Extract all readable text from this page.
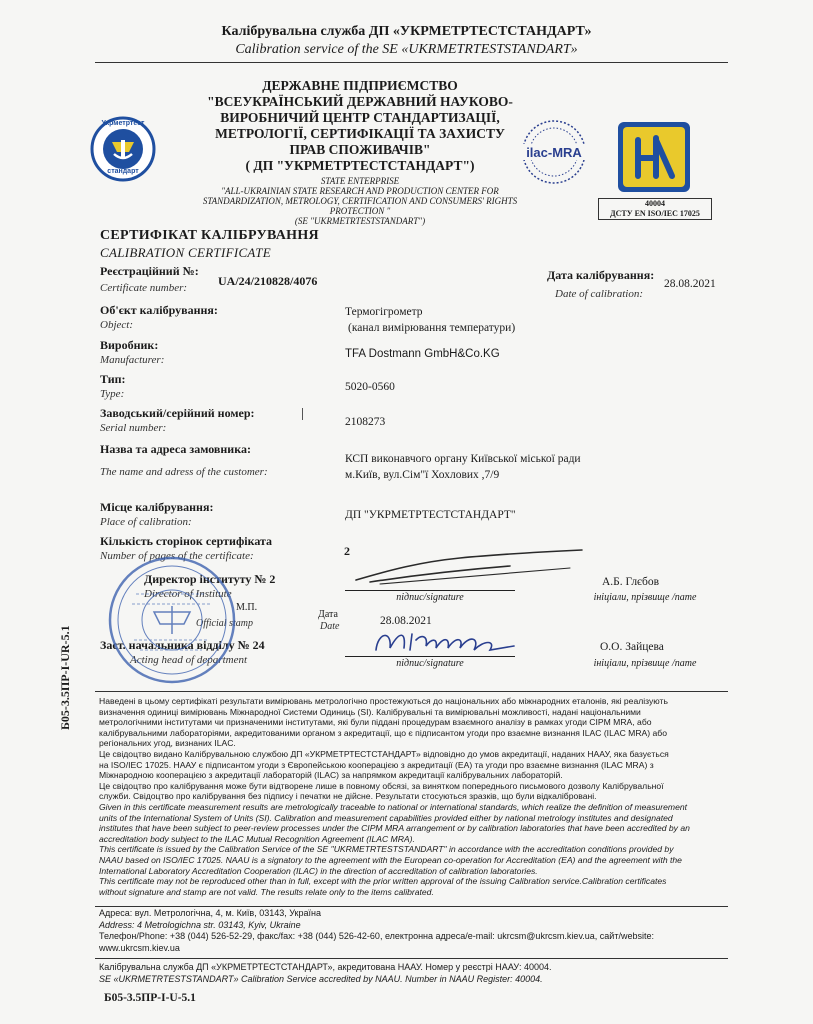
Калібрувальна служба ДП «УКРМЕТРТЕСТСТАНДАРТ»
Calibration service of the SE «UKRMETRTESTSTANDART»
Укрметртест
стандарт
ДЕРЖАВНЕ ПІДПРИЄМСТВО
"ВСЕУКРАЇНСЬКИЙ ДЕРЖАВНИЙ НАУКОВО-
ВИРОБНИЧИЙ ЦЕНТР СТАНДАРТИЗАЦІЇ,
МЕТРОЛОГІЇ, СЕРТИФІКАЦІЇ ТА ЗАХИСТУ
ПРАВ СПОЖИВАЧІВ"
( ДП "УКРМЕТРТЕСТСТАНДАРТ")
STATE ENTERPRISE
"ALL-UKRAINIAN STATE RESEARCH AND PRODUCTION CENTER FOR
STANDARDIZATION, METROLOGY, CERTIFICATION AND CONSUMERS' RIGHTS
PROTECTION "
(SE "UKRMETRTESTSTANDART")
ilac-MRA
40004
ДСТУ EN ISO/IEC 17025
СЕРТИФІКАТ КАЛІБРУВАННЯ
CALIBRATION CERTIFICATE
Реєстраційний №:
Certificate number:	UA/24/210828/4076	Дата калібрування:
Date of calibration:
28.08.2021
Об'єкт калібрування:
Object:
Термогігрометр
(канал вимірювання температури)
Виробник:
Manufacturer:	TFA Dostmann GmbH&Co.KG
Тип:
Type:
5020-0560
Заводський/серійний номер:
Serial number:	2108273
Назва та адреса замовника:
The name and adress of the customer:
КСП виконавчого органу Київської міської ради
м.Київ, вул.Сім"ї Хохлових ,7/9
Місце калібрування:
Place of calibration:
ДП "УКРМЕТРТЕСТСТАНДАРТ"
Кількість сторінок сертифіката
Number of pages of the certificate:	2
Директор інституту № 2
Director of Institute
М.П.
Official stamp
підпис/signature
А.Б. Глєбов
ініціали, прізвище /name
Дата
Date	28.08.2021
Заст. начальника відділу № 24
Acting head of department	підпис/signature
О.О. Зайцева
ініціали, прізвище /name
Б05-3.5ПР-І-UR-5.1	Наведені в цьому сертифікаті результати вимірювань метрологічно простежуються до національних або міжнародних еталонів, які реалізують
визначення одиниці вимірювань Міжнародної Системи Одиниць (SI). Калібрувальні та вимірювальні можливості, надані національними
метрологічними інститутами чи призначеними інститутами, які були піддані процедурам взаємного аналізу в рамках угоди CIPM MRA, або
калібрувальними лабораторіями, акредитованими органом з акредитації, що є підписантом угоди про взаємне визнання ILAC (ILAC MRA) або
регіональних угод, визнаних ILAC.
Це свідоцтво видано Калібрувальною службою ДП «УКРМЕТРТЕСТСТАНДАРТ» відповідно до умов акредитації, наданих НААУ, яка базується
на ISO/IEC 17025. НААУ є підписантом угоди з Європейською кооперацією з акредитації (ЕА) та угоди про взаємне визнання (ILAC MRA) з
Міжнародною кооперацією з акредитації лабораторій (ILAC) за напрямком акредитації калібрувальних лабораторій.
Це свідоцтво про калібрування може бути відтворене лише в повному обсязі, за винятком попереднього письмового дозволу Калібрувальної
служби. Свідоцтво про калібрування без підпису і печатки не дійсне. Результати стосуються зразків, що були відкалібровані.
Given in this certificate measurement results are metrologically traceable to national or international standards, which realize the definition of measurement
units of the International System of Units (SI). Calibration and measurement capabilities provided either by national metrology institutes and designated
institutes that have been subject to peer-review processes under the CIPM MRA arrangement or by calibration laboratories that have been accredited by an
accreditation body subject to the ILAC Mutual Recognition Agreement (ILAC MRA).
This certificate is issued by the Calibration Service of the SE "UKRMETRTESTSTANDART" in accordance with the accreditation conditions provided by
NAAU based on ISO/IEC 17025. NAAU is a signatory to the agreement with the European co-operation for Accreditation (EA) and the agreement with the
International Laboratory Accreditation Cooperation (ILAC) in the direction of accreditation of calibration laboratories.
This certificate may not be reproduced other than in full, except with the prior written approval of the issuing Calibration service.Calibration certificates
without signature and stamp are not valid. The results relate only to the items calibrated.
Адреса: вул. Метрологічна, 4, м. Київ, 03143, Україна
Address: 4 Metrologichna str. 03143, Kyiv, Ukraine
Телефон/Phone: +38 (044) 526-52-29, факс/fax: +38 (044) 526-42-60, електронна адреса/e-mail: ukrcsm@ukrcsm.kiev.ua, сайт/website:
www.ukrcsm.kiev.ua
Калібрувальна служба ДП «УКРМЕТРТЕСТСТАНДАРТ», акредитована НААУ. Номер у реєстрі НААУ: 40004.
SE «UKRMETRTESTSTANDART» Calibration Service accredited by NAAU. Number in NAAU Register: 40004.
Б05-3.5ПР-І-U-5.1
